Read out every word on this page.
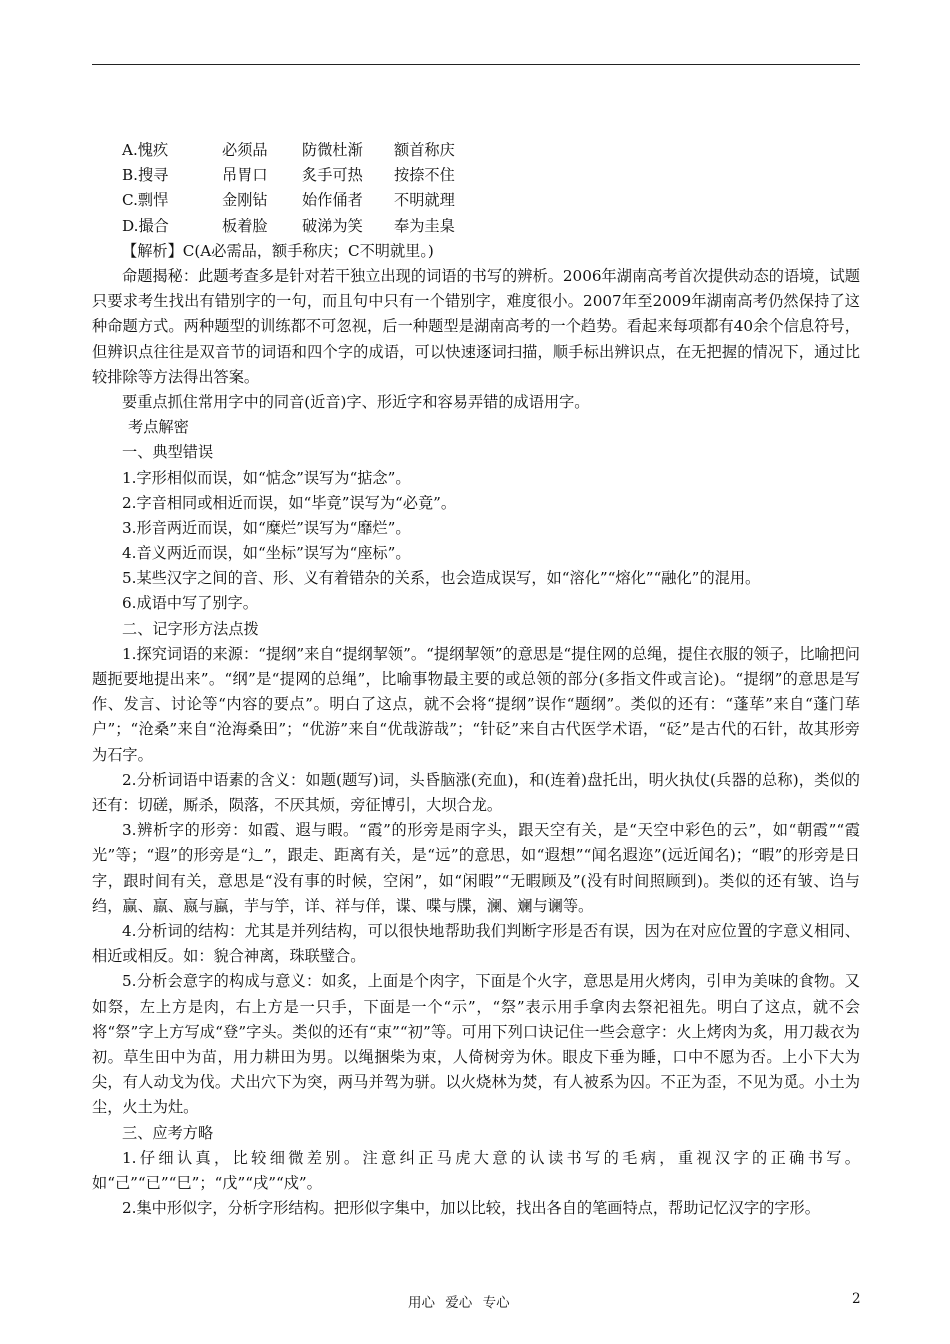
A.愧疚	必须品	防微杜渐	额首称庆
B.搜寻	吊胃口	炙手可热	按捺不住
C.剽悍	金刚钻	始作俑者	不明就理
D.撮合	板着脸	破涕为笑	奉为圭臬
【解析】C(A必需品，额手称庆；C不明就里。)
命题揭秘：此题考查多是针对若干独立出现的词语的书写的辨析。2006年湖南高考首次提供动态的语境，试题只要求考生找出有错别字的一句，而且句中只有一个错别字，难度很小。2007年至2009年湖南高考仍然保持了这种命题方式。两种题型的训练都不可忽视，后一种题型是湖南高考的一个趋势。看起来每项都有40余个信息符号，但辨识点往往是双音节的词语和四个字的成语，可以快速逐词扫描，顺手标出辨识点，在无把握的情况下，通过比较排除等方法得出答案。
要重点抓住常用字中的同音(近音)字、形近字和容易弄错的成语用字。
考点解密
一、典型错误
1.字形相似而误，如“惦念”误写为“掂念”。
2.字音相同或相近而误，如“毕竟”误写为“必竟”。
3.形音两近而误，如“糜烂”误写为“靡烂”。
4.音义两近而误，如“坐标”误写为“座标”。
5.某些汉字之间的音、形、义有着错杂的关系，也会造成误写，如“溶化”“熔化”“融化”的混用。
6.成语中写了别字。
二、记字形方法点拨
1.探究词语的来源：“提纲”来自“提纲挈领”。“提纲挈领”的意思是“提住网的总绳，提住衣服的领子，比喻把问题扼要地提出来”。“纲”是“提网的总绳”，比喻事物最主要的或总领的部分(多指文件或言论)。“提纲”的意思是写作、发言、讨论等“内容的要点”。明白了这点，就不会将“提纲”误作“题纲”。类似的还有：“蓬荜”来自“蓬门荜户”；“沧桑”来自“沧海桑田”；“优游”来自“优哉游哉”；“针砭”来自古代医学术语，“砭”是古代的石针，故其形旁为石字。
2.分析词语中语素的含义：如题(题写)词，头昏脑涨(充血)，和(连着)盘托出，明火执仗(兵器的总称)，类似的还有：切磋，厮杀，陨落，不厌其烦，旁征博引，大坝合龙。
3.辨析字的形旁：如霞、遐与暇。“霞”的形旁是雨字头，跟天空有关，是“天空中彩色的云”，如“朝霞”“霞光”等；“遐”的形旁是“辶”，跟走、距离有关，是“远”的意思，如“遐想”“闻名遐迩”(远近闻名)；“暇”的形旁是日字，跟时间有关，意思是“没有事的时候，空闲”，如“闲暇”“无暇顾及”(没有时间照顾到)。类似的还有皱、诌与绉，赢、羸、嬴与蠃，芋与竽，详、祥与佯，谍、喋与牒，澜、斓与谰等。
4.分析词的结构：尤其是并列结构，可以很快地帮助我们判断字形是否有误，因为在对应位置的字意义相同、相近或相反。如：貌合神离，珠联璧合。
5.分析会意字的构成与意义：如炙，上面是个肉字，下面是个火字，意思是用火烤肉，引申为美味的食物。又如祭，左上方是肉，右上方是一只手，下面是一个“示”，“祭”表示用手拿肉去祭祀祖先。明白了这点，就不会将“祭”字上方写成“登”字头。类似的还有“束”“初”等。可用下列口诀记住一些会意字：火上烤肉为炙，用刀裁衣为初。草生田中为苗，用力耕田为男。以绳捆柴为束，人倚树旁为休。眼皮下垂为睡，口中不愿为否。上小下大为尖，有人动戈为伐。犬出穴下为突，两马并驾为骈。以火烧林为焚，有人被系为囚。不正为歪，不见为觅。小土为尘，火土为灶。
三、应考方略
1.仔细认真，比较细微差别。注意纠正马虎大意的认读书写的毛病，重视汉字的正确书写。如“己”“已”“巳”；“戊”“戌”“戍”。
2.集中形似字，分析字形结构。把形似字集中，加以比较，找出各自的笔画特点，帮助记忆汉字的字形。
用心 爱心 专心	2
